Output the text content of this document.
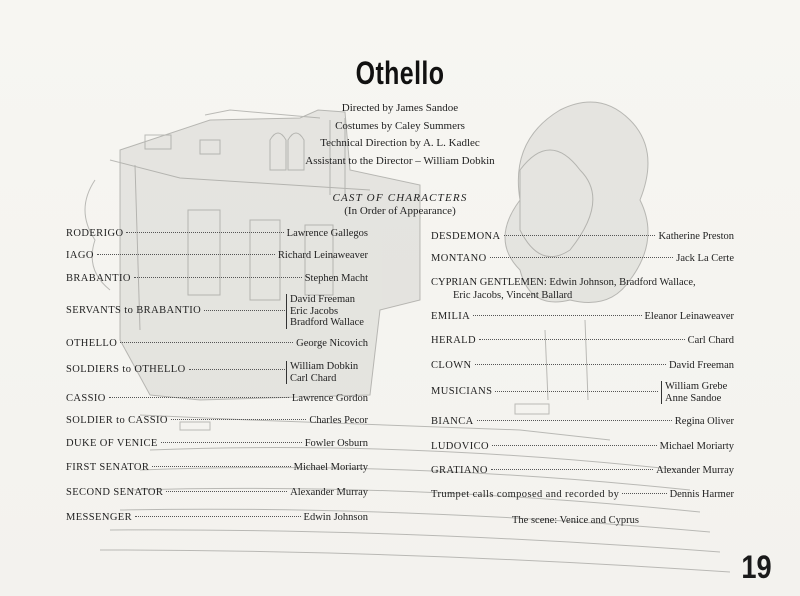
Othello
Directed by James Sandoe
Costumes by Caley Summers
Technical Direction by A. L. Kadlec
Assistant to the Director – William Dobkin
CAST OF CHARACTERS
(In Order of Appearance)
RODERIGO	Lawrence Gallegos
IAGO	Richard Leinaweaver
BRABANTIO	Stephen Macht
SERVANTS to BRABANTIO
David Freeman
Eric Jacobs
Bradford Wallace
OTHELLO	George Nicovich
SOLDIERS to OTHELLO	William Dobkin
Carl Chard
CASSIO	Lawrence Gordon
SOLDIER to CASSIO	Charles Pecor
DUKE OF VENICE	Fowler Osburn
FIRST SENATOR	Michael Moriarty
SECOND SENATOR	Alexander Murray
MESSENGER	Edwin Johnson
DESDEMONA	Katherine Preston
MONTANO	Jack La Certe
CYPRIAN GENTLEMEN: Edwin Johnson, Bradford Wallace,
Eric Jacobs, Vincent Ballard
EMILIA	Eleanor Leinaweaver
HERALD	Carl Chard
CLOWN	David Freeman
MUSICIANS	William Grebe
Anne Sandoe
BIANCA	Regina Oliver
LUDOVICO	Michael Moriarty
GRATIANO	Alexander Murray
Trumpet calls composed and recorded by	Dennis Harmer
The scene: Venice and Cyprus
19
